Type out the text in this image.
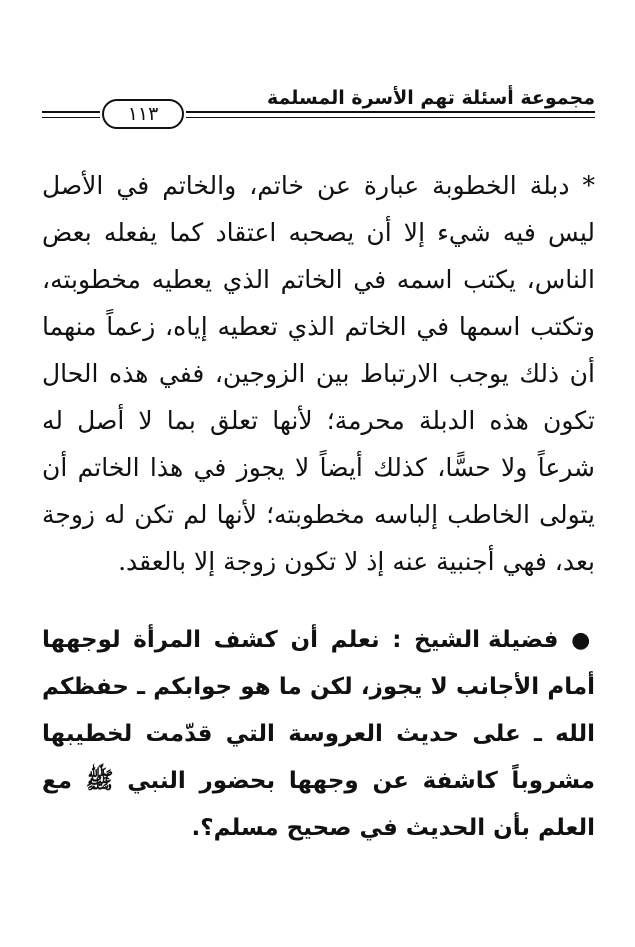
مجموعة أسئلة تهم الأسرة المسلمة
١١٣

* دبلة الخطوبة عبارة عن خاتم، والخاتم في الأصل ليس فيه شيء إلا أن يصحبه اعتقاد كما يفعله بعض الناس، يكتب اسمه في الخاتم الذي يعطيه مخطوبته، وتكتب اسمها في الخاتم الذي تعطيه إياه، زعماً منهما أن ذلك يوجب الارتباط بين الزوجين، ففي هذه الحال تكون هذه الدبلة محرمة؛ لأنها تعلق بما لا أصل له شرعاً ولا حسًّا، كذلك أيضاً لا يجوز في هذا الخاتم أن يتولى الخاطب إلباسه مخطوبته؛ لأنها لم تكن له زوجة بعد، فهي أجنبية عنه إذ لا تكون زوجة إلا بالعقد.

● فضيلة الشيخ : نعلم أن كشف المرأة لوجهها أمام الأجانب لا يجوز، لكن ما هو جوابكم ـ حفظكم الله ـ على حديث العروسة التي قدّمت لخطيبها مشروباً كاشفة عن وجهها بحضور النبي ﷺ مع العلم بأن الحديث في صحيح مسلم؟.
